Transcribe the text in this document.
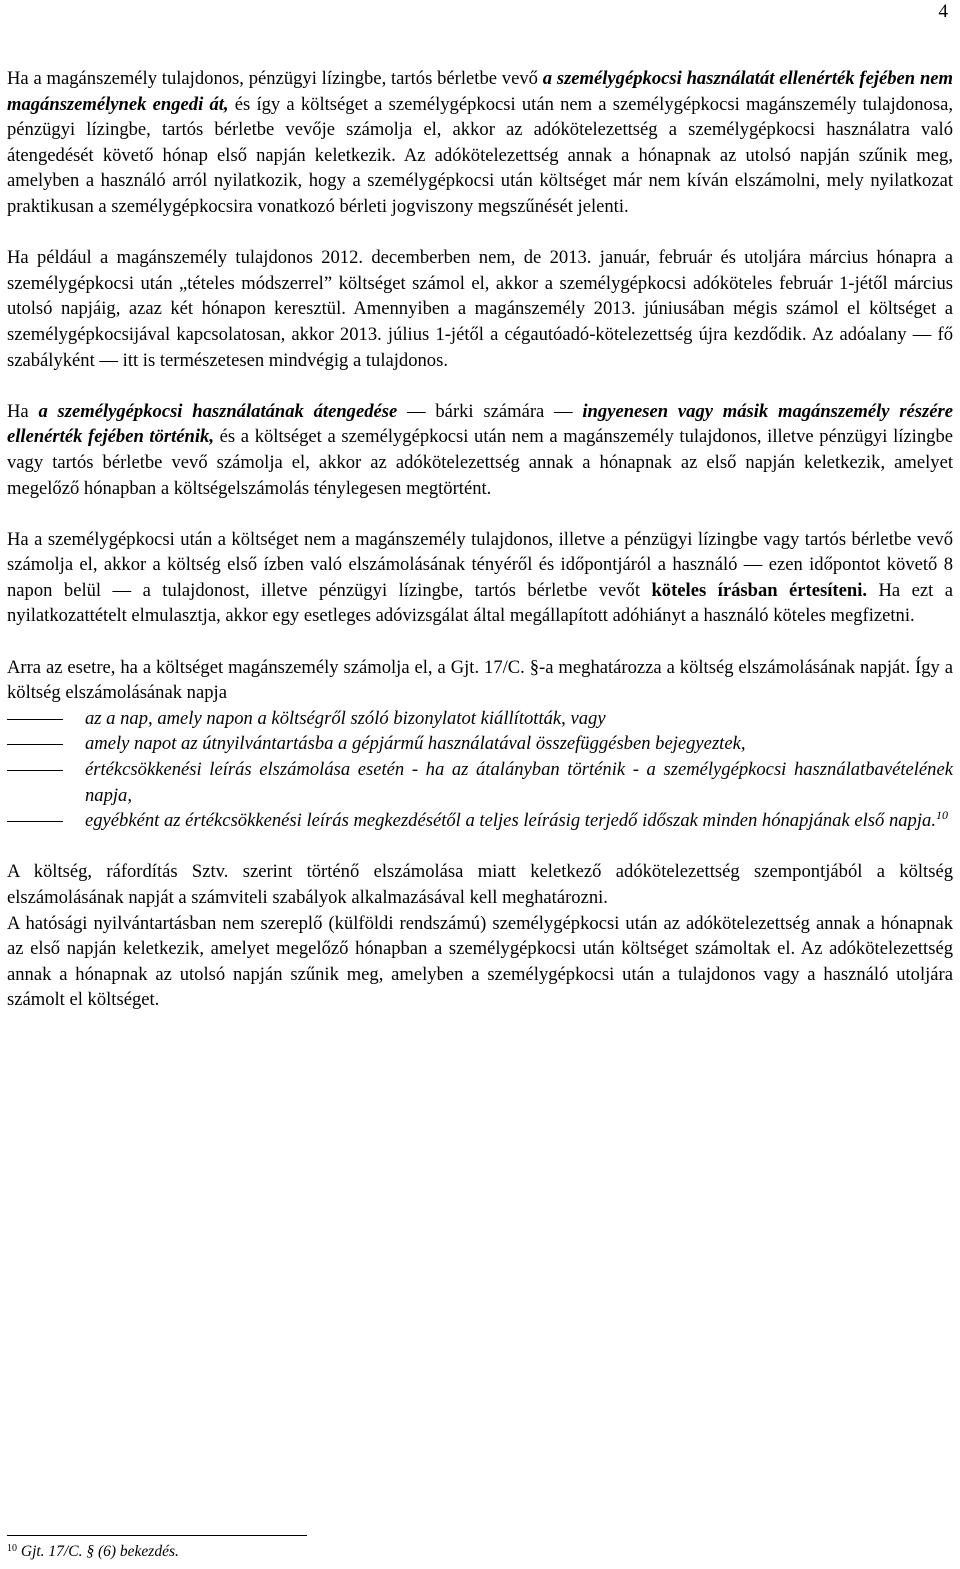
4

Ha a magánszemély tulajdonos, pénzügyi lízingbe, tartós bérletbe vevő a személygépkocsi használatát ellenérték fejében nem magánszemélynek engedi át, és így a költséget a személygépkocsi után nem a személygépkocsi magánszemély tulajdonosa, pénzügyi lízingbe, tartós bérletbe vevője számolja el, akkor az adókötelezettség a személygépkocsi használatra való átengedését követő hónap első napján keletkezik. Az adókötelezettség annak a hónapnak az utolsó napján szűnik meg, amelyben a használó arról nyilatkozik, hogy a személygépkocsi után költséget már nem kíván elszámolni, mely nyilatkozat praktikusan a személygépkocsira vonatkozó bérleti jogviszony megszűnését jelenti.

Ha például a magánszemély tulajdonos 2012. decemberben nem, de 2013. január, február és utoljára március hónapra a személygépkocsi után „tételes módszerrel” költséget számol el, akkor a személygépkocsi adóköteles február 1-jétől március utolsó napjáig, azaz két hónapon keresztül. Amennyiben a magánszemély 2013. júniusában mégis számol el költséget a személygépkocsijával kapcsolatosan, akkor 2013. július 1-jétől a cégautóadó-kötelezettség újra kezdődik. Az adóalany — fő szabályként — itt is természetesen mindvégig a tulajdonos.

Ha a személygépkocsi használatának átengedése — bárki számára — ingyenesen vagy másik magánszemély részére ellenérték fejében történik, és a költséget a személygépkocsi után nem a magánszemély tulajdonos, illetve pénzügyi lízingbe vagy tartós bérletbe vevő számolja el, akkor az adókötelezettség annak a hónapnak az első napján keletkezik, amelyet megelőző hónapban a költségelszámolás ténylegesen megtörtént.

Ha a személygépkocsi után a költséget nem a magánszemély tulajdonos, illetve a pénzügyi lízingbe vagy tartós bérletbe vevő számolja el, akkor a költség első ízben való elszámolásának tényéről és időpontjáról a használó — ezen időpontot követő 8 napon belül — a tulajdonost, illetve pénzügyi lízingbe, tartós bérletbe vevőt köteles írásban értesíteni. Ha ezt a nyilatkozattételt elmulasztja, akkor egy esetleges adóvizsgálat által megállapított adóhiányt a használó köteles megfizetni.

Arra az esetre, ha a költséget magánszemély számolja el, a Gjt. 17/C. §-a meghatározza a költség elszámolásának napját. Így a költség elszámolásának napja

az a nap, amely napon a költségről szóló bizonylatot kiállították, vagy
amely napot az útnyilvántartásba a gépjármű használatával összefüggésben bejegyeztek,
értékcsökkenési leírás elszámolása esetén - ha az átalányban történik - a személygépkocsi használatbavételének napja,
egyébként az értékcsökkenési leírás megkezdésétől a teljes leírásig terjedő időszak minden hónapjának első napja.$^{10}$

A költség, ráfordítás Sztv. szerint történő elszámolása miatt keletkező adókötelezettség szempontjából a költség elszámolásának napját a számviteli szabályok alkalmazásával kell meghatározni.

A hatósági nyilvántartásban nem szereplő (külföldi rendszámú) személygépkocsi után az adókötelezettség annak a hónapnak az első napján keletkezik, amelyet megelőző hónapban a személygépkocsi után költséget számoltak el. Az adókötelezettség annak a hónapnak az utolsó napján szűnik meg, amelyben a személygépkocsi után a tulajdonos vagy a használó utoljára számolt el költséget.

$^{10}$ Gjt. 17/C. § (6) bekezdés.
